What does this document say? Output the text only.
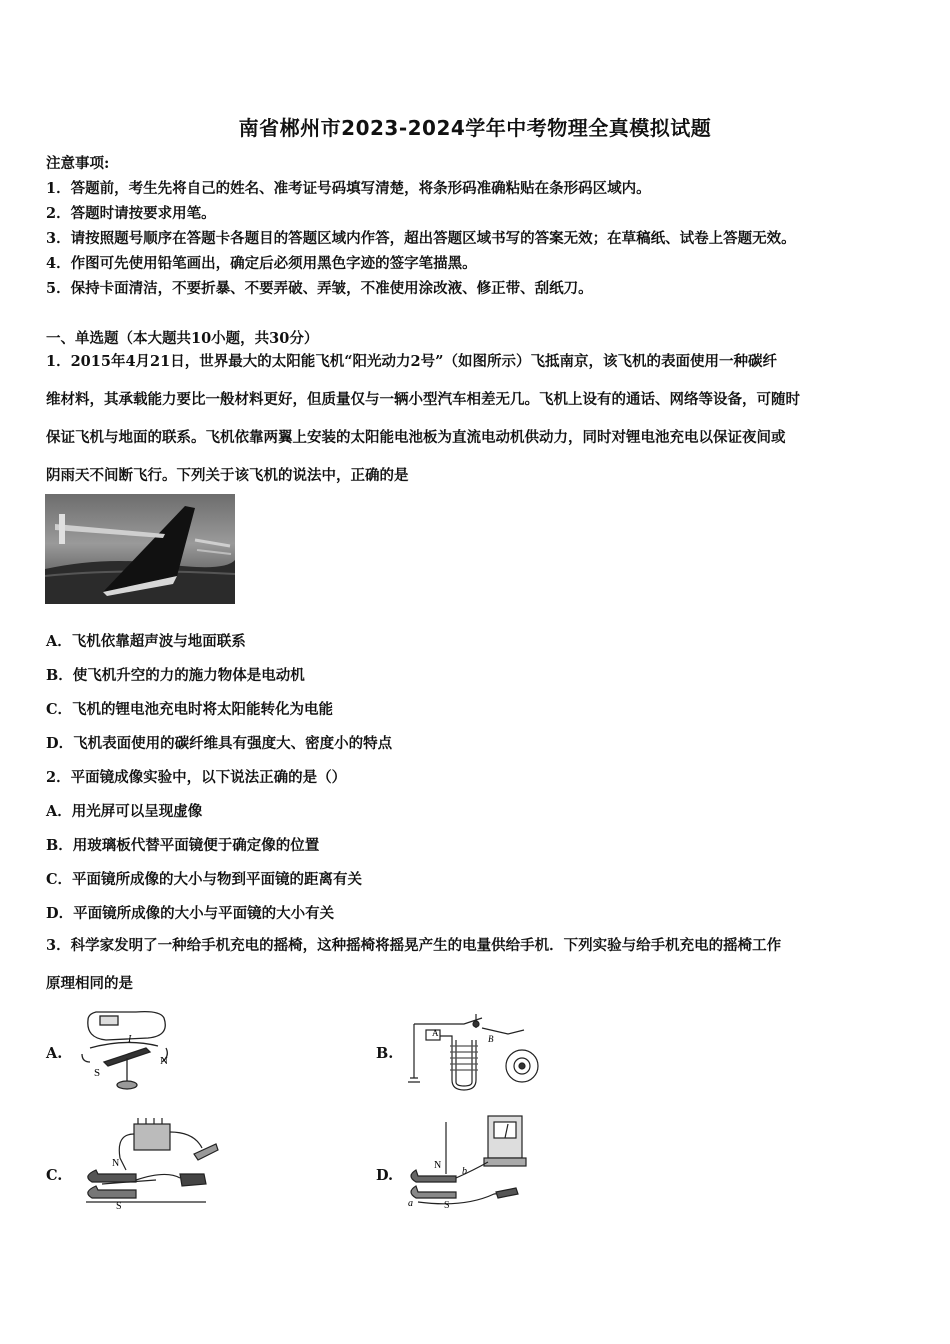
南省郴州市2023-2024学年中考物理全真模拟试题
注意事项:
1．答题前，考生先将自己的姓名、准考证号码填写清楚，将条形码准确粘贴在条形码区域内。
2．答题时请按要求用笔。
3．请按照题号顺序在答题卡各题目的答题区域内作答，超出答题区域书写的答案无效；在草稿纸、试卷上答题无效。
4．作图可先使用铅笔画出，确定后必须用黑色字迹的签字笔描黑。
5．保持卡面清洁，不要折暴、不要弄破、弄皱，不准使用涂改液、修正带、刮纸刀。
一、单选题（本大题共10小题，共30分）
1．2015年4月21日，世界最大的太阳能飞机“阳光动力2号”（如图所示）飞抵南京，该飞机的表面使用一种碳纤
维材料，其承载能力要比一般材料更好，但质量仅与一辆小型汽车相差无几。飞机上设有的通话、网络等设备，可随时
保证飞机与地面的联系。飞机依靠两翼上安装的太阳能电池板为直流电动机供动力，同时对锂电池充电以保证夜间或
阴雨天不间断飞行。下列关于该飞机的说法中，正确的是
A．飞机依靠超声波与地面联系
B．使飞机升空的力的施力物体是电动机
C．飞机的锂电池充电时将太阳能转化为电能
D．飞机表面使用的碳纤维具有强度大、密度小的特点
2．平面镜成像实验中，以下说法正确的是（）
A．用光屏可以呈现虚像
B．用玻璃板代替平面镜便于确定像的位置
C．平面镜所成像的大小与物到平面镜的距离有关
D．平面镜所成像的大小与平面镜的大小有关
3．科学家发明了一种给手机充电的摇椅，这种摇椅将摇晃产生的电量供给手机．下列实验与给手机充电的摇椅工作
原理相同的是
A.
S
N
I
B.
A
B
C.
N
S
D.
N
S
a
b
